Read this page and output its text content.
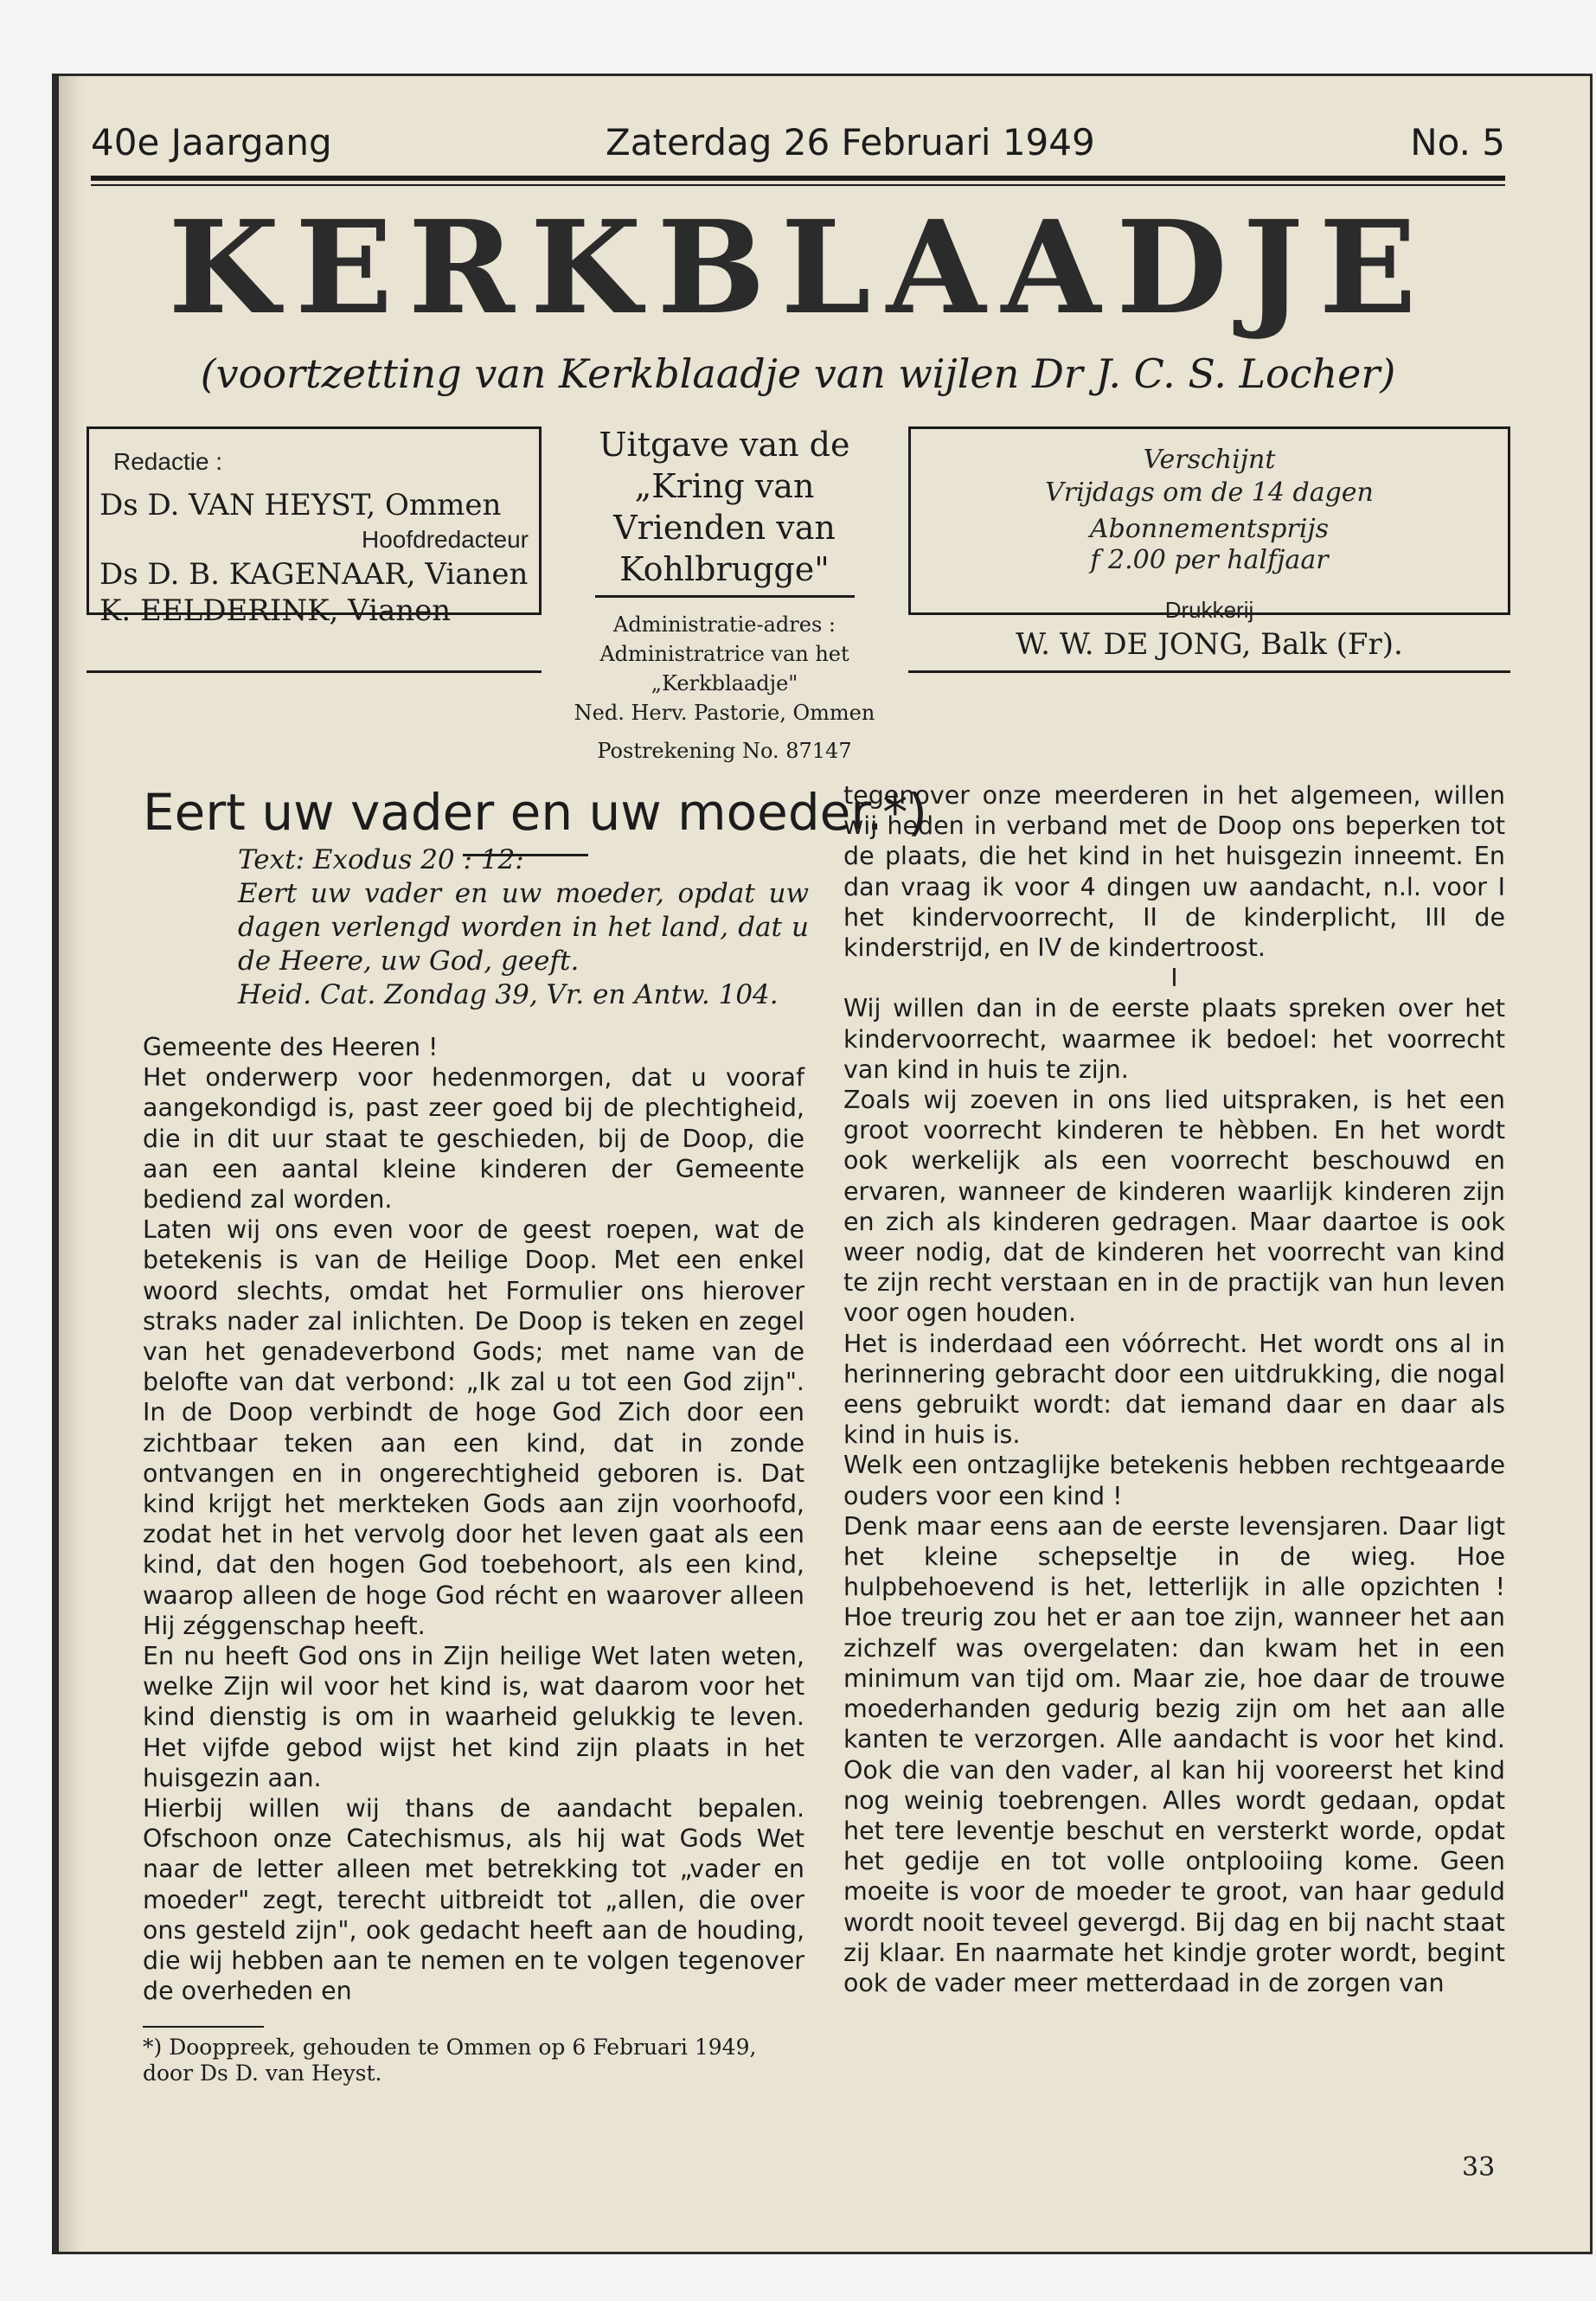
40e Jaargang	Zaterdag 26 Februari 1949	No. 5
KERKBLAADJE
(voortzetting van Kerkblaadje van wijlen Dr J. C. S. Locher)
Redactie :
Ds D. VAN HEYST, Ommen
Hoofdredacteur
Ds D. B. KAGENAAR, Vianen
K. EELDERINK, Vianen
Uitgave van de „Kring van
Vrienden van Kohlbrugge"
Administratie-adres :
Administratrice van het „Kerkblaadje"
Ned. Herv. Pastorie, Ommen
Postrekening No. 87147
Verschijnt
Vrijdags om de 14 dagen
Abonnementsprijs
f 2.00 per halfjaar
Drukkerij
W. W. DE JONG, Balk (Fr).
Eert uw vader en uw moeder.*)
Text: Exodus 20 : 12:
Eert uw vader en uw moeder, opdat uw dagen verlengd worden in het land, dat u de Heere, uw God, geeft.
Heid. Cat. Zondag 39, Vr. en Antw. 104.

Gemeente des Heeren !

Het onderwerp voor hedenmorgen, dat u vooraf aangekondigd is, past zeer goed bij de plechtigheid, die in dit uur staat te geschieden, bij de Doop, die aan een aantal kleine kinderen der Gemeente bediend zal worden.

Laten wij ons even voor de geest roepen, wat de betekenis is van de Heilige Doop. Met een enkel woord slechts, omdat het Formulier ons hierover straks nader zal inlichten. De Doop is teken en zegel van het genadeverbond Gods; met name van de belofte van dat verbond: „Ik zal u tot een God zijn". In de Doop verbindt de hoge God Zich door een zichtbaar teken aan een kind, dat in zonde ontvangen en in ongerechtigheid geboren is. Dat kind krijgt het merkteken Gods aan zijn voorhoofd, zodat het in het vervolg door het leven gaat als een kind, dat den hogen God toebehoort, als een kind, waarop alleen de hoge God récht en waarover alleen Hij zéggenschap heeft.

En nu heeft God ons in Zijn heilige Wet laten weten, welke Zijn wil voor het kind is, wat daarom voor het kind dienstig is om in waarheid gelukkig te leven. Het vijfde gebod wijst het kind zijn plaats in het huisgezin aan.

Hierbij willen wij thans de aandacht bepalen. Ofschoon onze Catechismus, als hij wat Gods Wet naar de letter alleen met betrekking tot „vader en moeder" zegt, terecht uitbreidt tot „allen, die over ons gesteld zijn", ook gedacht heeft aan de houding, die wij hebben aan te nemen en te volgen tegenover de overheden en

*) Dooppreek, gehouden te Ommen op 6 Februari 1949, door Ds D. van Heyst.

tegenover onze meerderen in het algemeen, willen wij heden in verband met de Doop ons beperken tot de plaats, die het kind in het huisgezin inneemt. En dan vraag ik voor 4 dingen uw aandacht, n.l. voor I het kindervoorrecht, II de kinderplicht, III de kinderstrijd, en IV de kindertroost.

I

Wij willen dan in de eerste plaats spreken over het kindervoorrecht, waarmee ik bedoel: het voorrecht van kind in huis te zijn.

Zoals wij zoeven in ons lied uitspraken, is het een groot voorrecht kinderen te hèbben. En het wordt ook werkelijk als een voorrecht beschouwd en ervaren, wanneer de kinderen waarlijk kinderen zijn en zich als kinderen gedragen. Maar daartoe is ook weer nodig, dat de kinderen het voorrecht van kind te zijn recht verstaan en in de practijk van hun leven voor ogen houden.

Het is inderdaad een vóórrecht. Het wordt ons al in herinnering gebracht door een uitdrukking, die nogal eens gebruikt wordt: dat iemand daar en daar als kind in huis is.

Welk een ontzaglijke betekenis hebben rechtgeaarde ouders voor een kind !

Denk maar eens aan de eerste levensjaren. Daar ligt het kleine schepseltje in de wieg. Hoe hulpbehoevend is het, letterlijk in alle opzichten ! Hoe treurig zou het er aan toe zijn, wanneer het aan zichzelf was overgelaten: dan kwam het in een minimum van tijd om. Maar zie, hoe daar de trouwe moederhanden gedurig bezig zijn om het aan alle kanten te verzorgen. Alle aandacht is voor het kind. Ook die van den vader, al kan hij vooreerst het kind nog weinig toebrengen. Alles wordt gedaan, opdat het tere leventje beschut en versterkt worde, opdat het gedije en tot volle ontplooiing kome. Geen moeite is voor de moeder te groot, van haar geduld wordt nooit teveel gevergd. Bij dag en bij nacht staat zij klaar. En naarmate het kindje groter wordt, begint ook de vader meer metterdaad in de zorgen van

33
